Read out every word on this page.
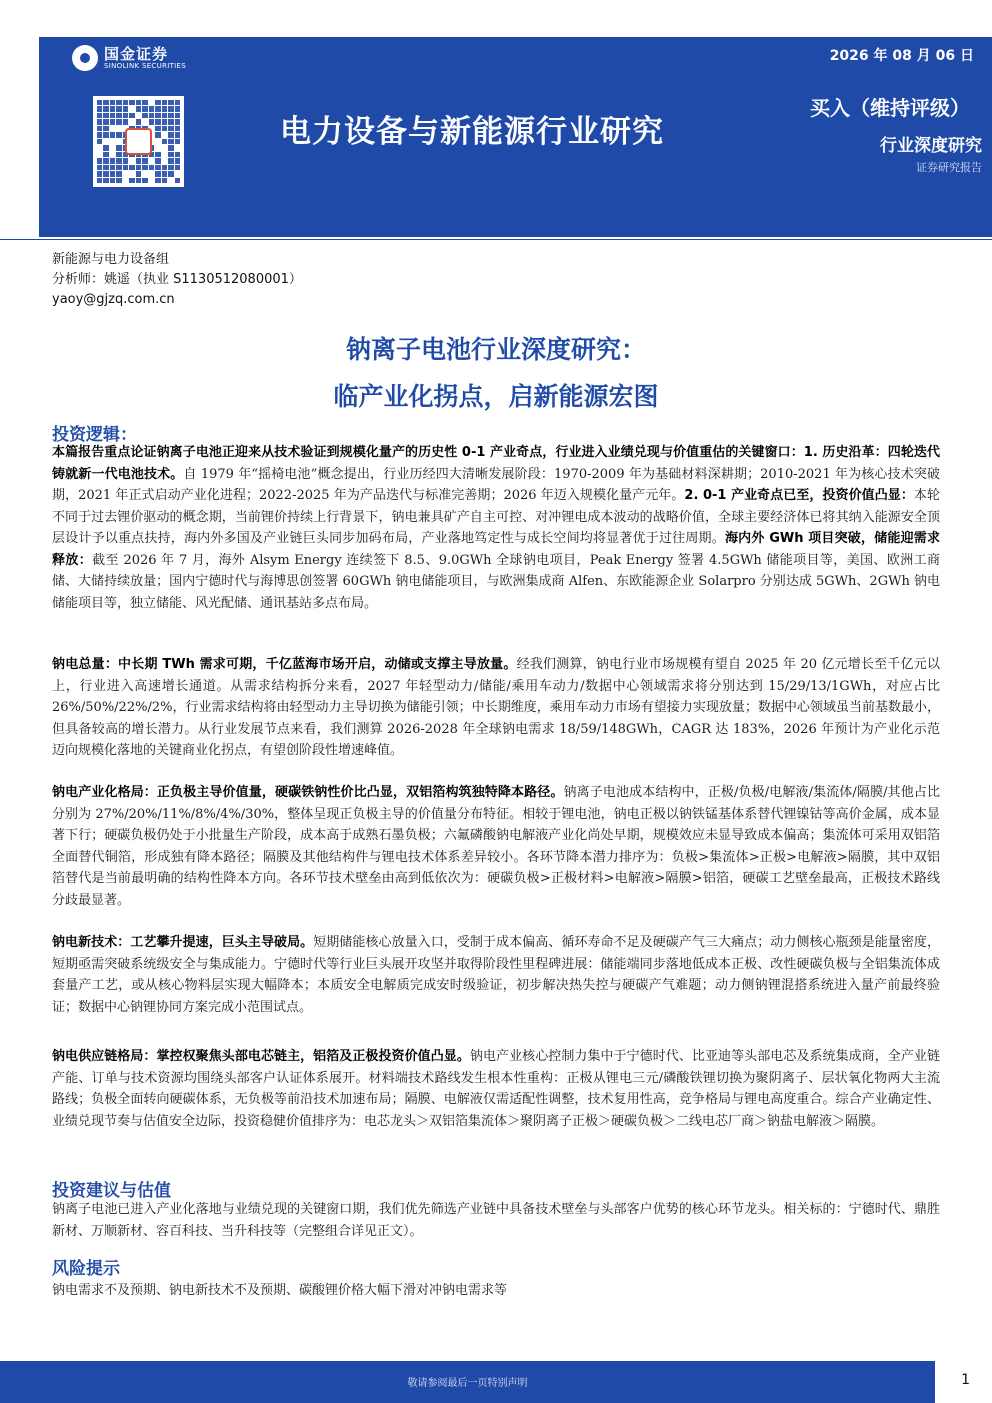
国金证券
SINOLINK SECURITIES
2026 年 08 月 06 日
电力设备与新能源行业研究
买入（维持评级）
行业深度研究
证券研究报告
新能源与电力设备组
分析师：姚遥（执业 S1130512080001）
yaoy@gjzq.com.cn
钠离子电池行业深度研究：
临产业化拐点，启新能源宏图
投资逻辑：
本篇报告重点论证钠离子电池正迎来从技术验证到规模化量产的历史性 0-1 产业奇点，行业进入业绩兑现与价值重估的关键窗口：1. 历史沿革：四轮迭代铸就新一代电池技术。自 1979 年“摇椅电池”概念提出，行业历经四大清晰发展阶段：1970-2009 年为基础材料深耕期；2010-2021 年为核心技术突破期，2021 年正式启动产业化进程；2022-2025 年为产品迭代与标准完善期；2026 年迈入规模化量产元年。2. 0-1 产业奇点已至，投资价值凸显：本轮不同于过去锂价驱动的概念期，当前锂价持续上行背景下，钠电兼具矿产自主可控、对冲锂电成本波动的战略价值，全球主要经济体已将其纳入能源安全顶层设计予以重点扶持，海内外多国及产业链巨头同步加码布局，产业落地笃定性与成长空间均将显著优于过往周期。海内外 GWh 项目突破，储能迎需求释放：截至 2026 年 7 月，海外 Alsym Energy 连续签下 8.5、9.0GWh 全球钠电项目，Peak Energy 签署 4.5GWh 储能项目等，美国、欧洲工商储、大储持续放量；国内宁德时代与海博思创签署 60GWh 钠电储能项目，与欧洲集成商 Alfen、东欧能源企业 Solarpro 分别达成 5GWh、2GWh 钠电储能项目等，独立储能、风光配储、通讯基站多点布局。
钠电总量：中长期 TWh 需求可期，千亿蓝海市场开启，动储或支撑主导放量。经我们测算，钠电行业市场规模有望自 2025 年 20 亿元增长至千亿元以上，行业进入高速增长通道。从需求结构拆分来看，2027 年轻型动力/储能/乘用车动力/数据中心领域需求将分别达到 15/29/13/1GWh，对应占比 26%/50%/22%/2%，行业需求结构将由轻型动力主导切换为储能引领；中长期维度，乘用车动力市场有望接力实现放量；数据中心领域虽当前基数最小，但具备较高的增长潜力。从行业发展节点来看，我们测算 2026-2028 年全球钠电需求 18/59/148GWh，CAGR 达 183%，2026 年预计为产业化示范迈向规模化落地的关键商业化拐点，有望创阶段性增速峰值。
钠电产业化格局：正负极主导价值量，硬碳铁钠性价比凸显，双铝箔构筑独特降本路径。钠离子电池成本结构中，正极/负极/电解液/集流体/隔膜/其他占比分别为 27%/20%/11%/8%/4%/30%，整体呈现正负极主导的价值量分布特征。相较于锂电池，钠电正极以钠铁锰基体系替代锂镍钴等高价金属，成本显著下行；硬碳负极仍处于小批量生产阶段，成本高于成熟石墨负极；六氟磷酸钠电解液产业化尚处早期，规模效应未显导致成本偏高；集流体可采用双铝箔全面替代铜箔，形成独有降本路径；隔膜及其他结构件与锂电技术体系差异较小。各环节降本潜力排序为：负极>集流体>正极>电解液>隔膜，其中双铝箔替代是当前最明确的结构性降本方向。各环节技术壁垒由高到低依次为：硬碳负极>正极材料>电解液>隔膜>铝箔，硬碳工艺壁垒最高，正极技术路线分歧最显著。
钠电新技术：工艺攀升提速，巨头主导破局。短期储能核心放量入口，受制于成本偏高、循环寿命不足及硬碳产气三大痛点；动力侧核心瓶颈是能量密度，短期亟需突破系统级安全与集成能力。宁德时代等行业巨头展开攻坚并取得阶段性里程碑进展：储能端同步落地低成本正极、改性硬碳负极与全铝集流体成套量产工艺，或从核心物料层实现大幅降本；本质安全电解质完成安时级验证，初步解决热失控与硬碳产气难题；动力侧钠锂混搭系统进入量产前最终验证；数据中心钠锂协同方案完成小范围试点。
钠电供应链格局：掌控权聚焦头部电芯链主，铝箔及正极投资价值凸显。钠电产业核心控制力集中于宁德时代、比亚迪等头部电芯及系统集成商，全产业链产能、订单与技术资源均围绕头部客户认证体系展开。材料端技术路线发生根本性重构：正极从锂电三元/磷酸铁锂切换为聚阴离子、层状氧化物两大主流路线；负极全面转向硬碳体系，无负极等前沿技术加速布局；隔膜、电解液仅需适配性调整，技术复用性高，竞争格局与锂电高度重合。综合产业确定性、业绩兑现节奏与估值安全边际，投资稳健价值排序为：电芯龙头＞双铝箔集流体＞聚阴离子正极＞硬碳负极＞二线电芯厂商＞钠盐电解液＞隔膜。
投资建议与估值
钠离子电池已进入产业化落地与业绩兑现的关键窗口期，我们优先筛选产业链中具备技术壁垒与头部客户优势的核心环节龙头。相关标的：宁德时代、鼎胜新材、万顺新材、容百科技、当升科技等（完整组合详见正文）。
风险提示
钠电需求不及预期、钠电新技术不及预期、碳酸锂价格大幅下滑对冲钠电需求等
敬请参阅最后一页特别声明	1
